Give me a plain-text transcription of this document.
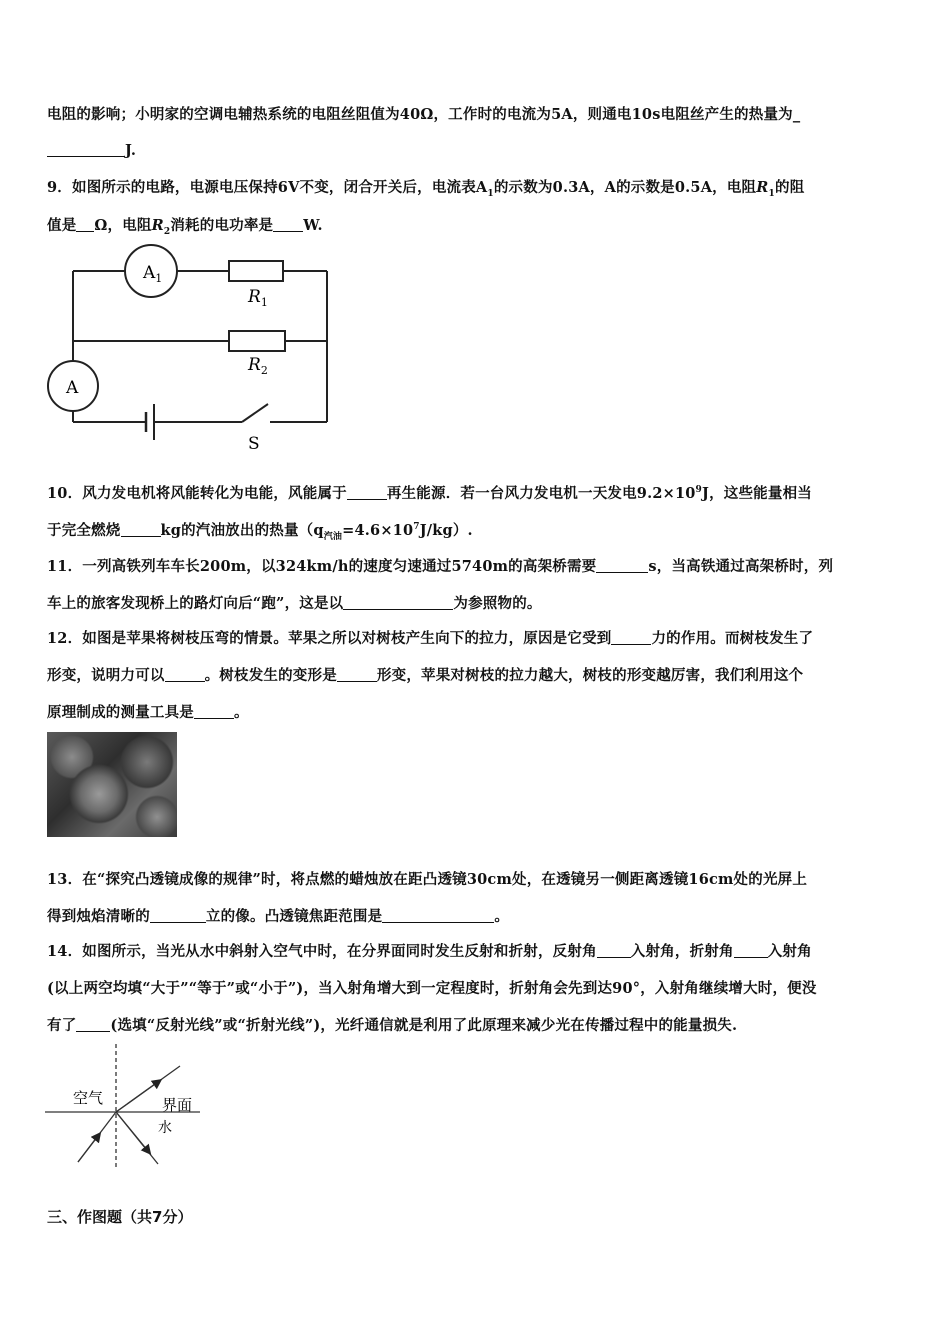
电阻的影响；小明家的空调电辅热系统的电阻丝阻值为40Ω，工作时的电流为5A，则通电10s电阻丝产生的热量为_
J.
9．如图所示的电路，电源电压保持6V不变，闭合开关后，电流表$A_1$的示数为0.3A，A的示数是0.5A，电阻$R_1$的阻
值是 Ω，电阻$R_2$消耗的电功率是 W.
$A_1$
$R_1$
$R_2$
A
S
10．风力发电机将风能转化为电能，风能属于	再生能源．若一台风力发电机一天发电$9.2\times 10^9J$，这些能量相当
于完全燃烧	kg的汽油放出的热量$(q_{汽油}=4.6\times 10^7J/kg)$.
11．一列高铁列车车长200m，以324km/h的速度匀速通过5740m的高架桥需要	s，当高铁通过高架桥时，列
车上的旅客发现桥上的路灯向后“跑”，这是以	为参照物的。
12．如图是苹果将树枝压弯的情景。苹果之所以对树枝产生向下的拉力，原因是它受到	力的作用。而树枝发生了
形变，说明力可以	。树枝发生的变形是	形变，苹果对树枝的拉力越大，树枝的形变越厉害，我们利用这个
原理制成的测量工具是	。
13．在“探究凸透镜成像的规律”时，将点燃的蜡烛放在距凸透镜30cm处，在透镜另一侧距离透镜16cm处的光屏上
得到烛焰清晰的	立的像。凸透镜焦距范围是	。
14．如图所示，当光从水中斜射入空气中时，在分界面同时发生反射和折射，反射角 入射角，折射角 入射角
(以上两空均填“大于”“等于”或“小于”)，当入射角增大到一定程度时，折射角会先到达90°，入射角继续增大时，便没
有了 (选填“反射光线”或“折射光线”)，光纤通信就是利用了此原理来减少光在传播过程中的能量损失.
空气	界面
水
三、作图题（共7分）
